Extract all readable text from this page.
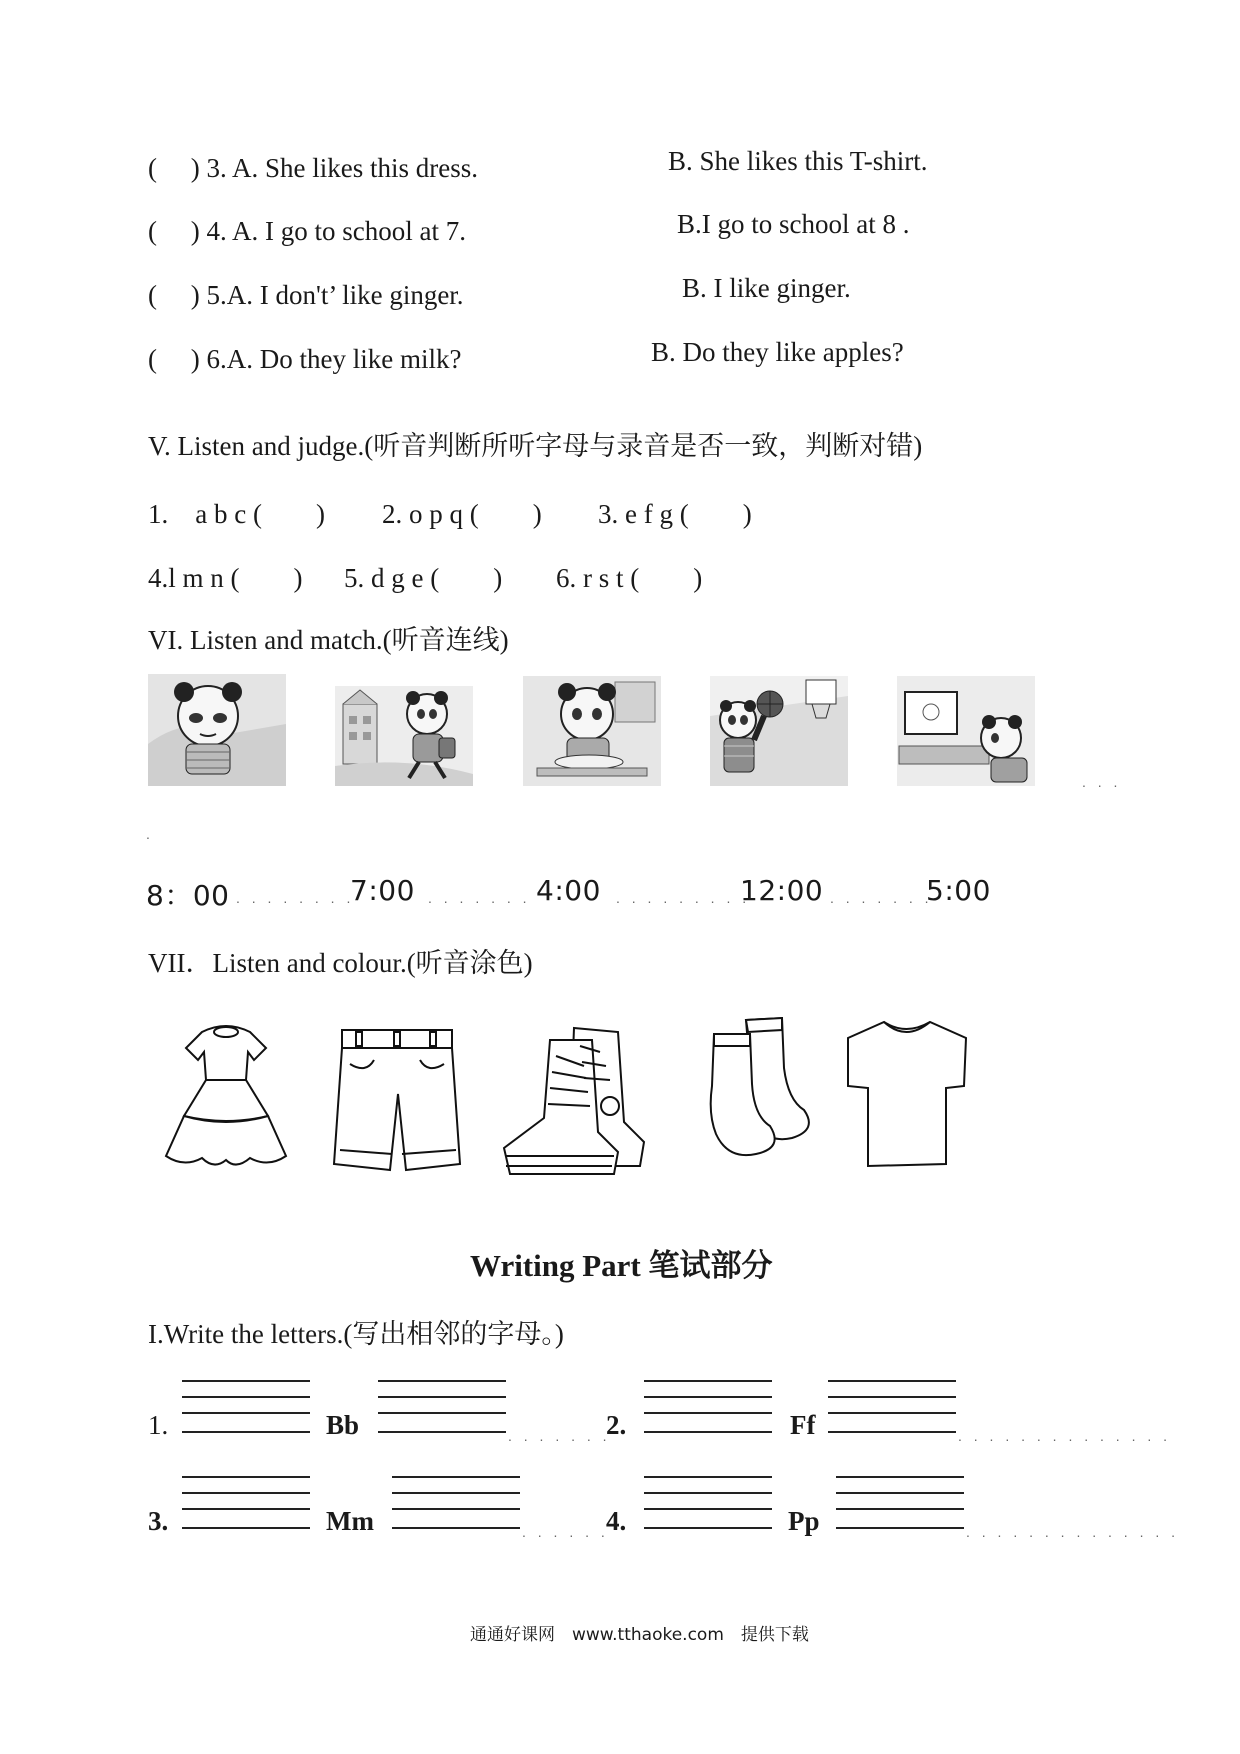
(　 ) 3. A. She likes this dress.	B. She likes this T-shirt.
(　 ) 4. A. I go to school at 7.	B.I go to school at 8 .
(　 ) 5.A. I don't’ like ginger.	B. I like ginger.
(　 ) 6.A. Do they like milk?	B. Do they like apples?
V. Listen and judge.(听音判断所听字母与录音是否一致，判断对错)
1.　a b c (　　) 2. o p q (　　) 3. e f g (　　)
4.l m n (　　) 5. d g e (　　) 6. r s t (　　)
VI. Listen and match.(听音连线)
. . .
.
8：00 . . . . . . . .
7:00 . . . . . . . 4:00 . . . . . . . . .
12:00 . . . . . . .
5:00
VII．Listen and colour.(听音涂色)
Writing Part 笔试部分
I.Write the letters.(写出相邻的字母。)
1.	Bb	. . . . . . .
2.	Ff	. . . . . . . . . . . . . .
3.	Mm	. . . . . .
4.	Pp	. . . . . . . . . . . . . .
通通好课网　www.tthaoke.com　提供下载
